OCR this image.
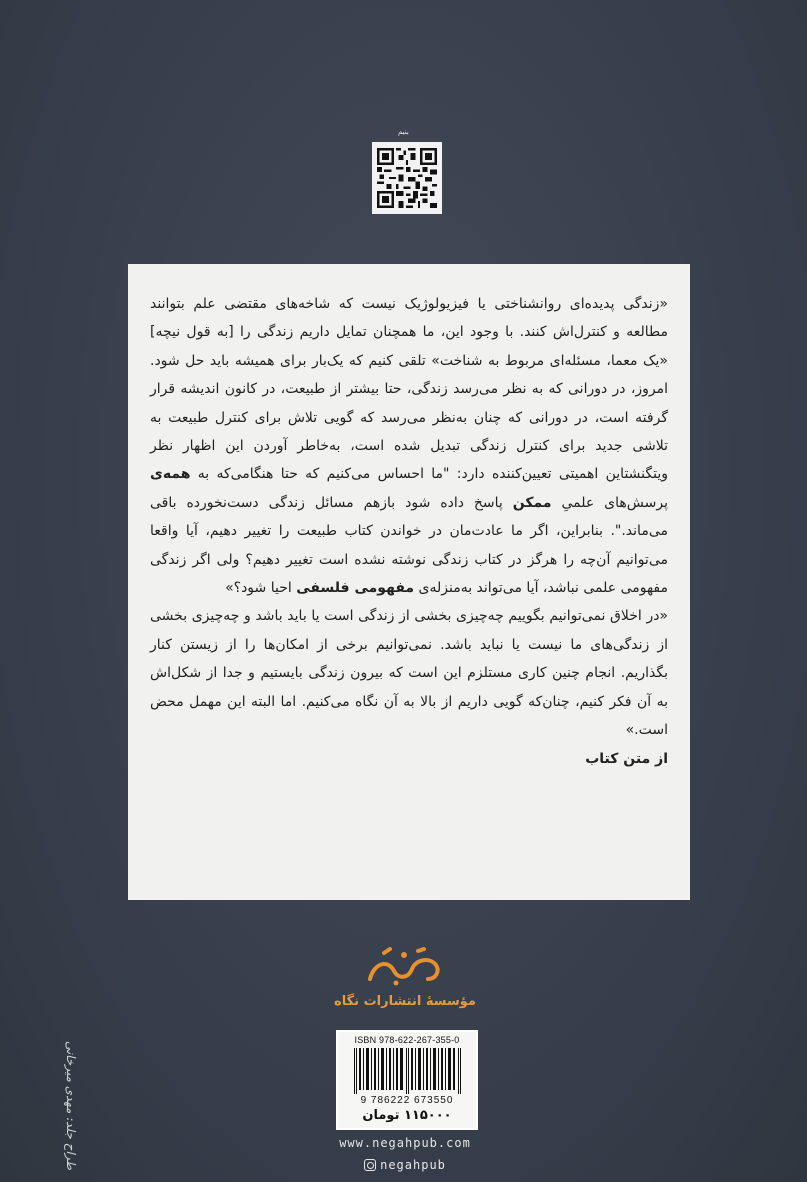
بنیم

«زندگی پدیده‌ای روانشناختی یا فیزیولوژیک نیست که شاخه‌های مقتضی علم بتوانند مطالعه و کنترل‌اش کنند. با وجود این، ما همچنان تمایل داریم زندگی را [به قول نیچه] «یک معما، مسئله‌ای مربوط به شناخت» تلقی کنیم که یک‌بار برای همیشه باید حل شود. امروز، در دورانی که به نظر می‌رسد زندگی، حتا بیشتر از طبیعت، در کانون اندیشه قرار گرفته است، در دورانی که چنان به‌نظر می‌رسد که گویی تلاش برای کنترل طبیعت به تلاشی جدید برای کنترل زندگی تبدیل شده است، به‌خاطر آوردن این اظهار نظر ویتگنشتاین اهمیتی تعیین‌کننده دارد: "ما احساس می‌کنیم که حتا هنگامی‌که به همه‌ی پرسش‌های علمیِ ممکن پاسخ داده شود بازهم مسائل زندگی دست‌نخورده باقی می‌ماند.". بنابراین، اگر ما عادت‌مان در خواندن کتاب طبیعت را تغییر دهیم، آیا واقعا می‌توانیم آن‌چه را هرگز در کتاب زندگی نوشته نشده است تغییر دهیم؟ ولی اگر زندگی مفهومی علمی نباشد، آیا می‌تواند به‌منزله‌ی مفهومی فلسفی احیا شود؟»

«در اخلاق نمی‌توانیم بگوییم چه‌چیزی بخشی از زندگی است یا باید باشد و چه‌چیزی بخشی از زندگی‌های ما نیست یا نباید باشد. نمی‌توانیم برخی از امکان‌ها را از زیستن کنار بگذاریم. انجام چنین کاری مستلزم این است که بیرون زندگی بایستیم و جدا از شکل‌اش به آن فکر کنیم، چنان‌که گویی داریم از بالا به آن نگاه می‌کنیم. اما البته این مهمل محض است.»

از متن کتاب

مؤسسهٔ انتشارات نگاه
ISBN 978-622-267-355-0
9 786222 673550
۱۱۵۰۰۰ تومان
www.negahpub.com
negahpub
طراح جلد: مهدی میرخانی
